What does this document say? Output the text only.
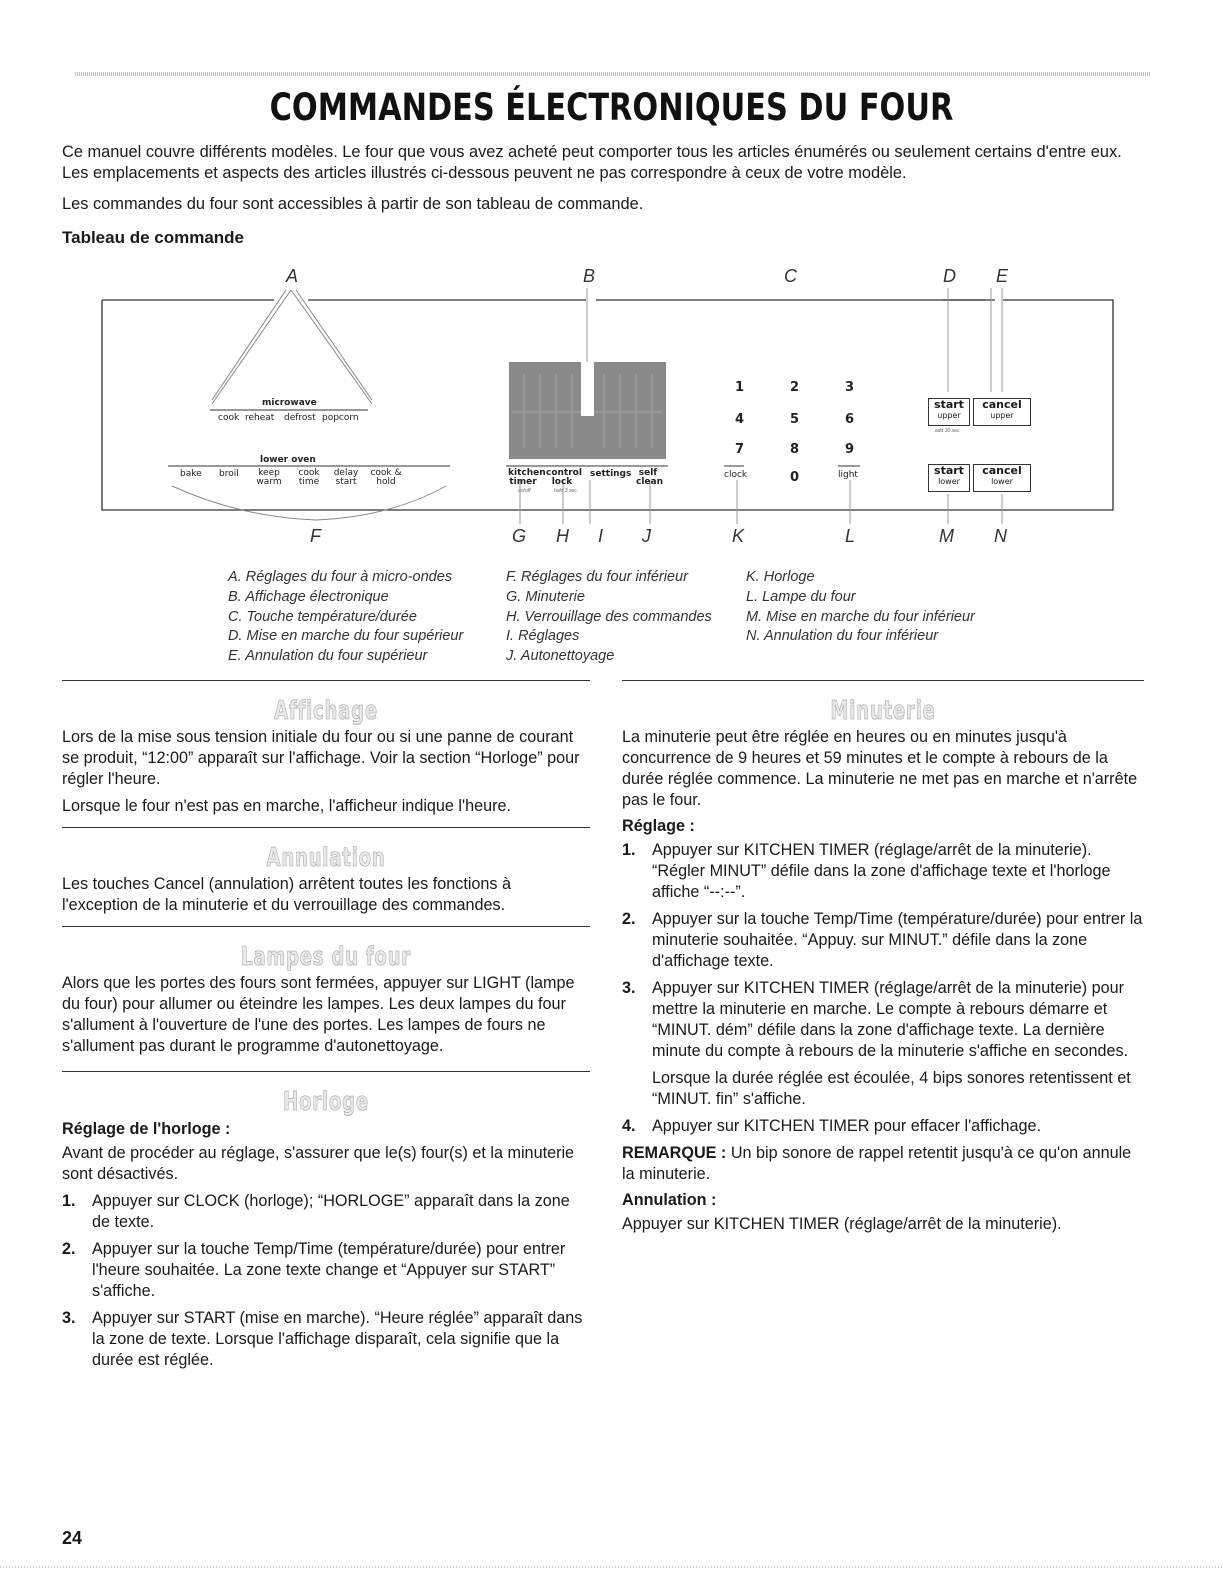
COMMANDES ÉLECTRONIQUES DU FOUR

Ce manuel couvre différents modèles. Le four que vous avez acheté peut comporter tous les articles énumérés ou seulement certains d'entre eux. Les emplacements et aspects des articles illustrés ci-dessous peuvent ne pas correspondre à ceux de votre modèle.

Les commandes du four sont accessibles à partir de son tableau de commande.

Tableau de commande
A	B	C	D E
F	G H I J	K	L	M N
microwave
cook reheat defrost popcorn
lower oven
bake broil keep warm
cook time
delay start
cook & hold
kitchen timer
control lock
settings self clean
on/off	hold 3 sec.
1	2	3
4	5	6
7	8	9
0
clock	light
start
upper
cancel
upper
add 30 sec.
start
lower
cancel
lower
A. Réglages du four à micro-ondes
B. Affichage électronique
C. Touche température/durée
D. Mise en marche du four supérieur
E. Annulation du four supérieur
F. Réglages du four inférieur
G. Minuterie
H. Verrouillage des commandes
I. Réglages
J. Autonettoyage
K. Horloge
L. Lampe du four
M. Mise en marche du four inférieur
N. Annulation du four inférieur
Affichage

Lors de la mise sous tension initiale du four ou si une panne de courant se produit, “12:00” apparaît sur l'affichage. Voir la section “Horloge” pour régler l'heure.

Lorsque le four n'est pas en marche, l'afficheur indique l'heure.

Annulation

Les touches Cancel (annulation) arrêtent toutes les fonctions à l'exception de la minuterie et du verrouillage des commandes.

Lampes du four

Alors que les portes des fours sont fermées, appuyer sur LIGHT (lampe du four) pour allumer ou éteindre les lampes. Les deux lampes du four s'allument à l'ouverture de l'une des portes. Les lampes de fours ne s'allument pas durant le programme d'autonettoyage.

Horloge
Réglage de l'horloge :

Avant de procéder au réglage, s'assurer que le(s) four(s) et la minuterie sont désactivés.

1. Appuyer sur CLOCK (horloge); “HORLOGE” apparaît dans la zone de texte.
2. Appuyer sur la touche Temp/Time (température/durée) pour entrer l'heure souhaitée. La zone texte change et “Appuyer sur START” s'affiche.
3. Appuyer sur START (mise en marche). “Heure réglée” apparaît dans la zone de texte. Lorsque l'affichage disparaît, cela signifie que la durée est réglée.
Minuterie

La minuterie peut être réglée en heures ou en minutes jusqu'à concurrence de 9 heures et 59 minutes et le compte à rebours de la durée réglée commence. La minuterie ne met pas en marche et n'arrête pas le four.

Réglage :
1. Appuyer sur KITCHEN TIMER (réglage/arrêt de la minuterie). “Régler MINUT” défile dans la zone d'affichage texte et l'horloge affiche “--:--”.
2. Appuyer sur la touche Temp/Time (température/durée) pour entrer la minuterie souhaitée. “Appuy. sur MINUT.” défile dans la zone d'affichage texte.
3. Appuyer sur KITCHEN TIMER (réglage/arrêt de la minuterie) pour mettre la minuterie en marche. Le compte à rebours démarre et “MINUT. dém” défile dans la zone d'affichage texte. La dernière minute du compte à rebours de la minuterie s'affiche en secondes.
Lorsque la durée réglée est écoulée, 4 bips sonores retentissent et “MINUT. fin” s'affiche.
4. Appuyer sur KITCHEN TIMER pour effacer l'affichage.

REMARQUE : Un bip sonore de rappel retentit jusqu'à ce qu'on annule la minuterie.

Annulation :

Appuyer sur KITCHEN TIMER (réglage/arrêt de la minuterie).

24
